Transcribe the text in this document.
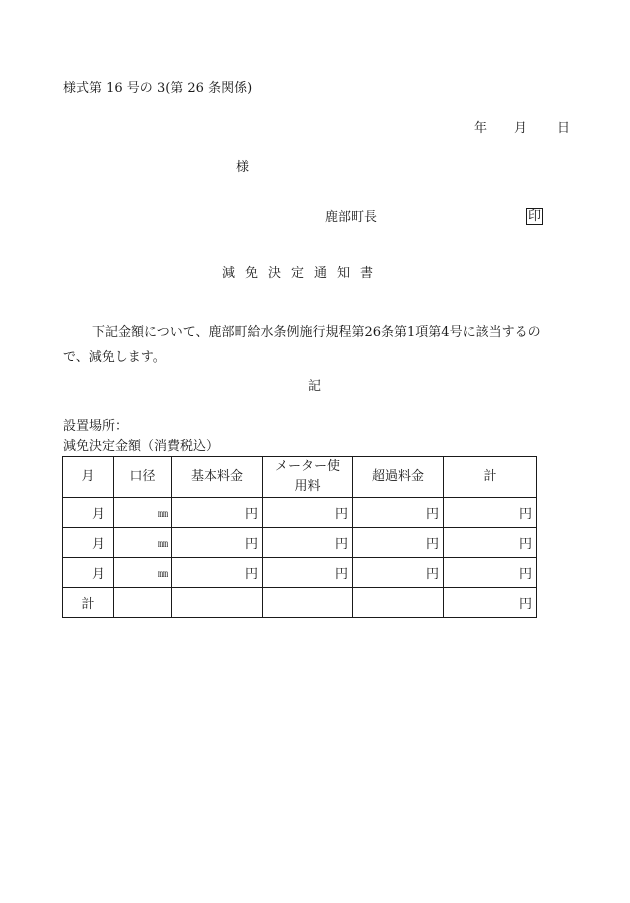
様式第 16 号の 3(第 26 条関係)
年 月 日
様
鹿部町長	印
減免決定通知書
下記金額について、鹿部町給水条例施行規程第26条第1項第4号に該当するので、減免します。
記
設置場所：
減免決定金額（消費税込）
月	口径	基本料金	メーター使用料	超過料金	計
月	㎜	円	円	円	円
月	㎜	円	円	円	円
月	㎜	円	円	円	円
計					円
